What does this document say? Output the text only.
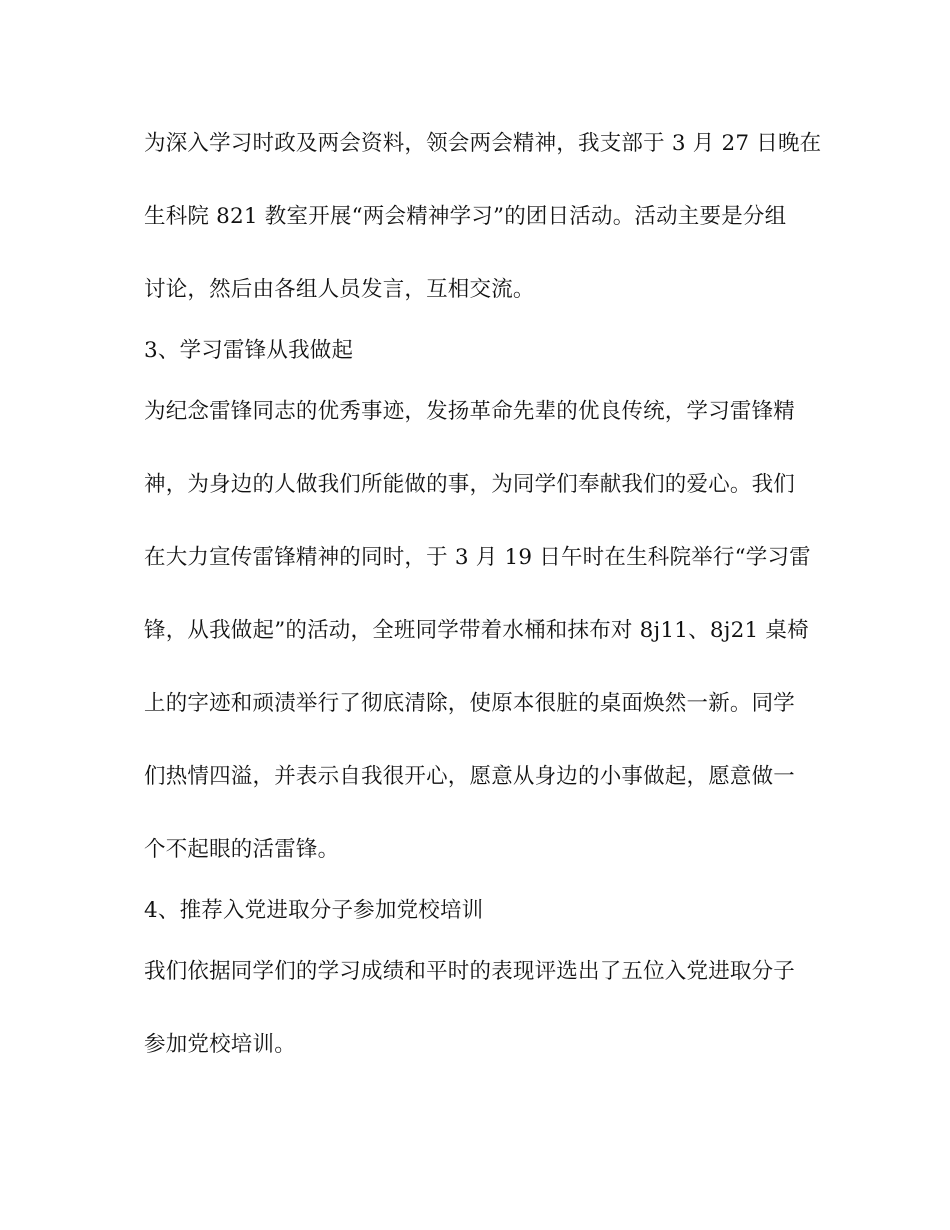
为深入学习时政及两会资料，领会两会精神，我支部于 3 月 27 日晚在
生科院 821 教室开展“两会精神学习”的团日活动。活动主要是分组
讨论，然后由各组人员发言，互相交流。
3、学习雷锋从我做起
为纪念雷锋同志的优秀事迹，发扬革命先辈的优良传统，学习雷锋精
神，为身边的人做我们所能做的事，为同学们奉献我们的爱心。我们
在大力宣传雷锋精神的同时，于 3 月 19 日午时在生科院举行“学习雷
锋，从我做起”的活动，全班同学带着水桶和抹布对 8j11、8j21 桌椅
上的字迹和顽渍举行了彻底清除，使原本很脏的桌面焕然一新。同学
们热情四溢，并表示自我很开心，愿意从身边的小事做起，愿意做一
个不起眼的活雷锋。
4、推荐入党进取分子参加党校培训
我们依据同学们的学习成绩和平时的表现评选出了五位入党进取分子
参加党校培训。
